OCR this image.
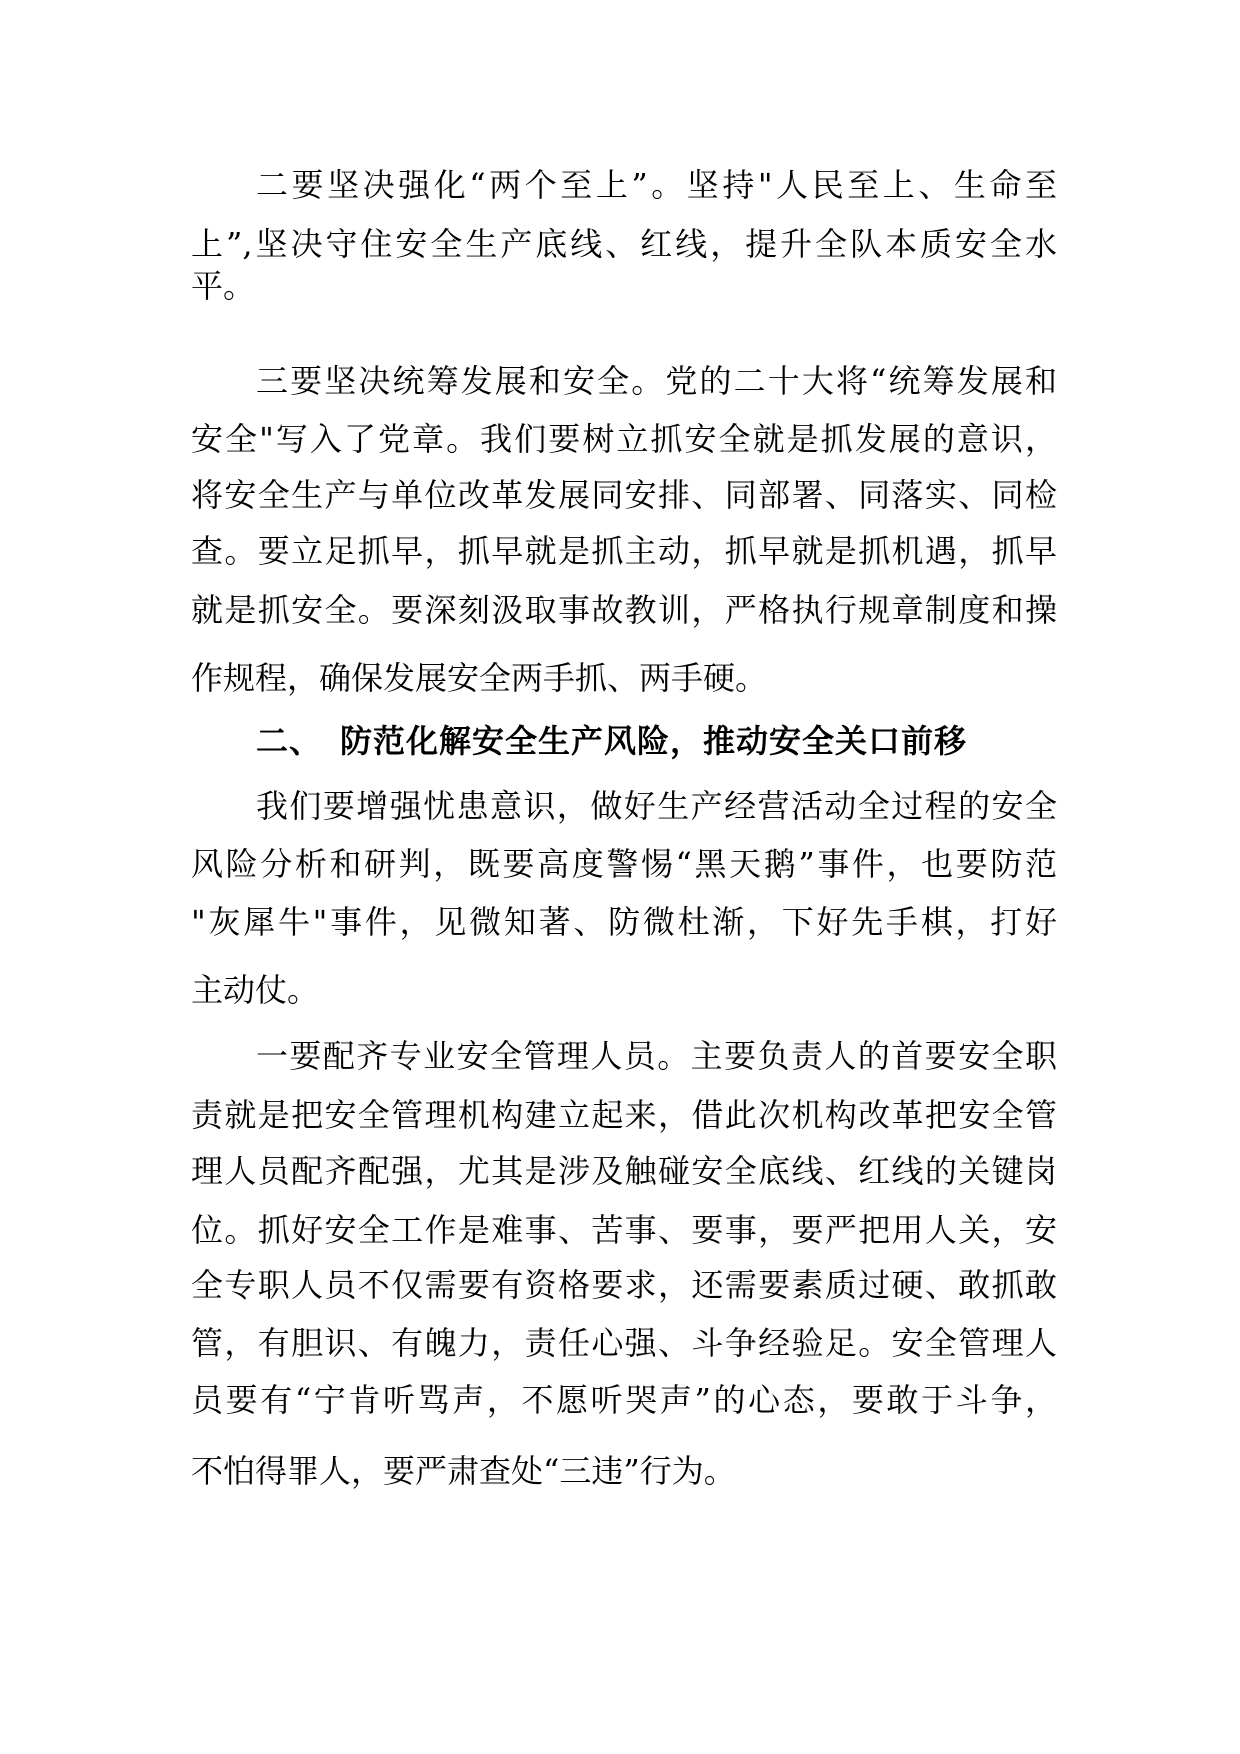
二要坚决强化“两个至上”。坚持"人民至上、生命至
上”,坚决守住安全生产底线、红线，提升全队本质安全水
平。
三要坚决统筹发展和安全。党的二十大将“统筹发展和
安全"写入了党章。我们要树立抓安全就是抓发展的意识，
将安全生产与单位改革发展同安排、同部署、同落实、同检
查。要立足抓早，抓早就是抓主动，抓早就是抓机遇，抓早
就是抓安全。要深刻汲取事故教训，严格执行规章制度和操
作规程，确保发展安全两手抓、两手硬。
二、 防范化解安全生产风险，推动安全关口前移
我们要增强忧患意识，做好生产经营活动全过程的安全
风险分析和研判，既要高度警惕“黑天鹅”事件，也要防范
"灰犀牛"事件，见微知著、防微杜渐，下好先手棋，打好
主动仗。
一要配齐专业安全管理人员。主要负责人的首要安全职
责就是把安全管理机构建立起来，借此次机构改革把安全管
理人员配齐配强，尤其是涉及触碰安全底线、红线的关键岗
位。抓好安全工作是难事、苦事、要事，要严把用人关，安
全专职人员不仅需要有资格要求，还需要素质过硬、敢抓敢
管，有胆识、有魄力，责任心强、斗争经验足。安全管理人
员要有“宁肯听骂声，不愿听哭声”的心态，要敢于斗争，
不怕得罪人，要严肃查处“三违”行为。
